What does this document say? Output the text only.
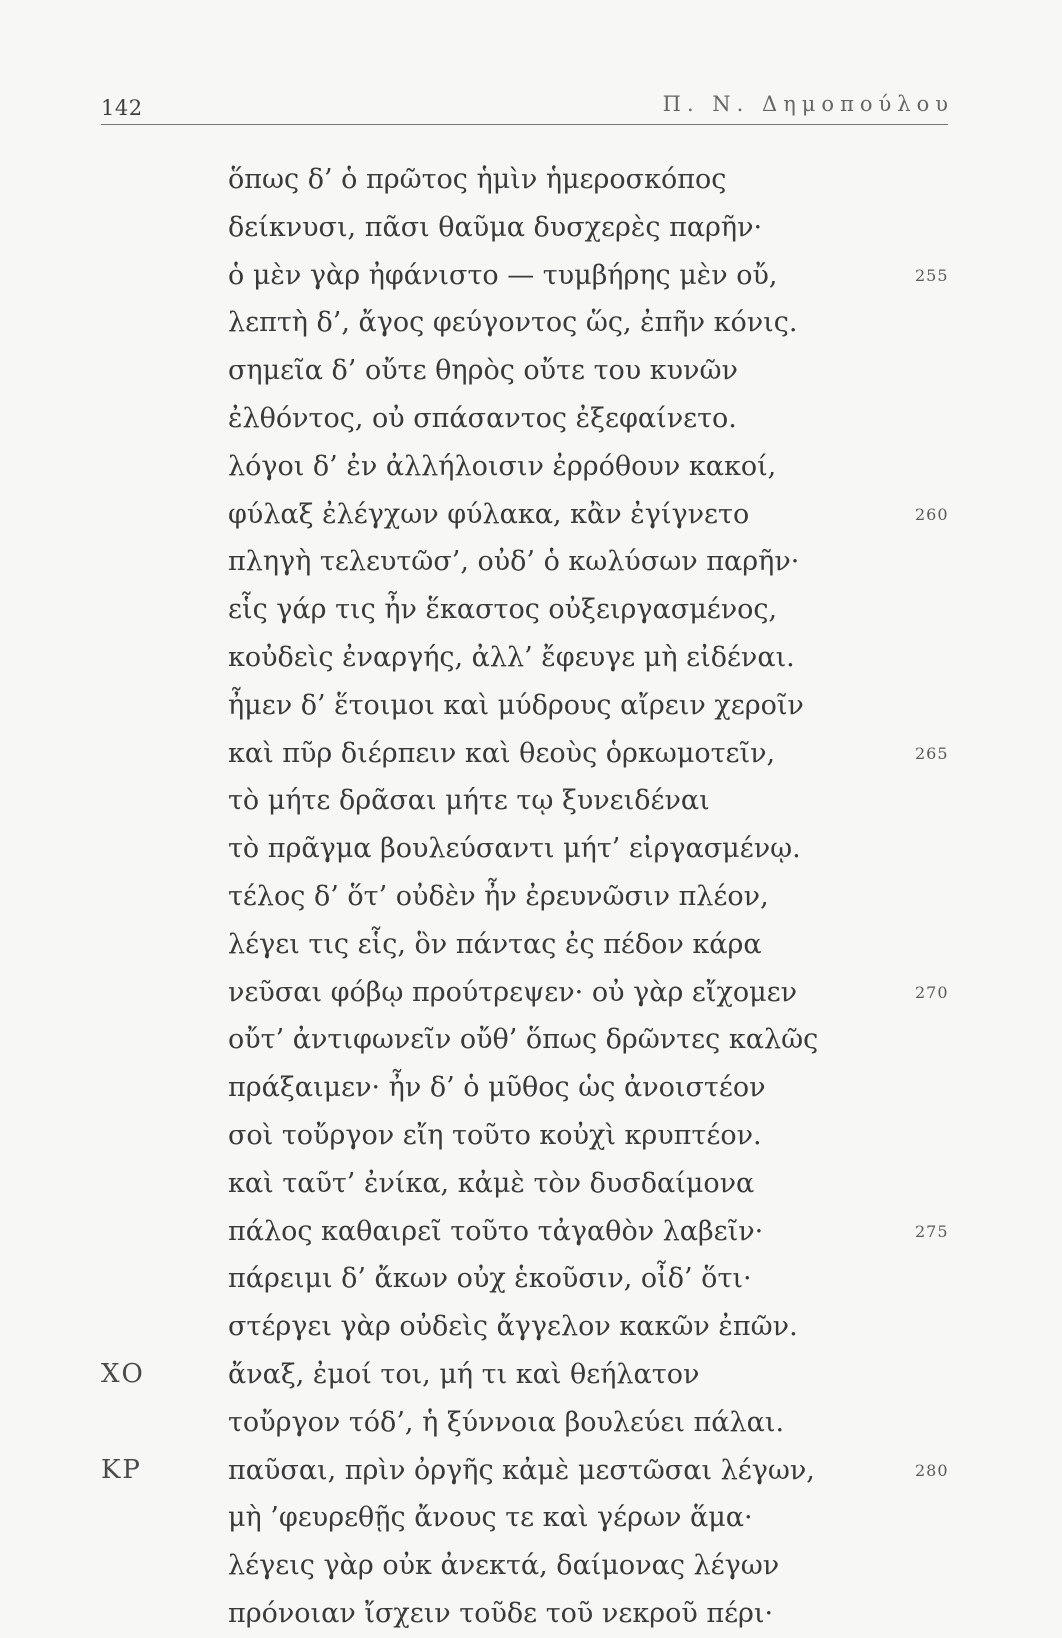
142	Π. Ν. Δημοπούλου
ὅπως δ’ ὁ πρῶτος ἡμὶν ἡμεροσκόπος
δείκνυσι, πᾶσι θαῦμα δυσχερὲς παρῆν·
ὁ μὲν γὰρ ἠφάνιστο — τυμβήρης μὲν οὔ,	255
λεπτὴ δ’, ἄγος φεύγοντος ὥς, ἐπῆν κόνις.
σημεῖα δ’ οὔτε θηρὸς οὔτε του κυνῶν
ἐλθόντος, οὐ σπάσαντος ἐξεφαίνετο.
λόγοι δ’ ἐν ἀλλήλοισιν ἐρρόθουν κακοί,
φύλαξ ἐλέγχων φύλακα, κἂν ἐγίγνετο	260
πληγὴ τελευτῶσ’, οὐδ’ ὁ κωλύσων παρῆν·
εἷς γάρ τις ἦν ἕκαστος οὐξειργασμένος,
κοὐδεὶς ἐναργής, ἀλλ’ ἔφευγε μὴ εἰδέναι.
ἦμεν δ’ ἕτοιμοι καὶ μύδρους αἴρειν χεροῖν
καὶ πῦρ διέρπειν καὶ θεοὺς ὁρκωμοτεῖν,	265
τὸ μήτε δρᾶσαι μήτε τῳ ξυνειδέναι
τὸ πρᾶγμα βουλεύσαντι μήτ’ εἰργασμένῳ.
τέλος δ’ ὅτ’ οὐδὲν ἦν ἐρευνῶσιν πλέον,
λέγει τις εἷς, ὃν πάντας ἐς πέδον κάρα
νεῦσαι φόβῳ προύτρεψεν· οὐ γὰρ εἴχομεν	270
οὔτ’ ἀντιφωνεῖν οὔθ’ ὅπως δρῶντες καλῶς
πράξαιμεν· ἦν δ’ ὁ μῦθος ὡς ἀνοιστέον
σοὶ τοὔργον εἴη τοῦτο κοὐχὶ κρυπτέον.
καὶ ταῦτ’ ἐνίκα, κἀμὲ τὸν δυσδαίμονα
πάλος καθαιρεῖ τοῦτο τἀγαθὸν λαβεῖν·	275
πάρειμι δ’ ἄκων οὐχ ἑκοῦσιν, οἶδ’ ὅτι·
στέργει γὰρ οὐδεὶς ἄγγελον κακῶν ἐπῶν.
ΧΟ	ἄναξ, ἐμοί τοι, μή τι καὶ θεήλατον
τοὔργον τόδ’, ἡ ξύννοια βουλεύει πάλαι.
ΚΡ	παῦσαι, πρὶν ὀργῆς κἀμὲ μεστῶσαι λέγων,	280
μὴ ’φευρεθῇς ἄνους τε καὶ γέρων ἅμα·
λέγεις γὰρ οὐκ ἀνεκτά, δαίμονας λέγων
πρόνοιαν ἴσχειν τοῦδε τοῦ νεκροῦ πέρι·
